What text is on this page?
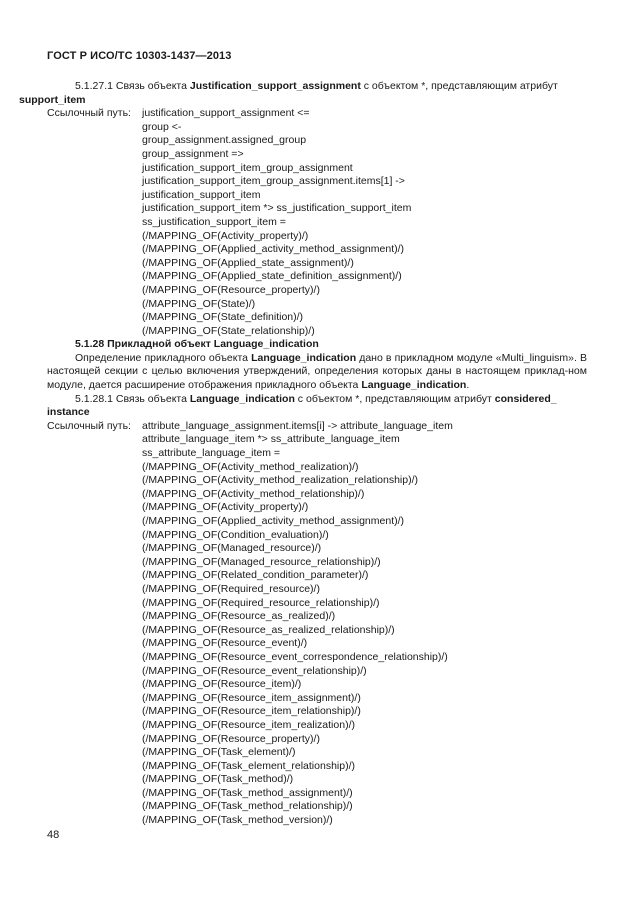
ГОСТ Р ИСО/ТС 10303-1437—2013

5.1.27.1 Связь объекта Justification_support_assignment с объектом *, представляющим атрибут
support_item

Ссылочный путь: justification_support_assignment <=
group <-
group_assignment.assigned_group
group_assignment =>
justification_support_item_group_assignment
justification_support_item_group_assignment.items[1] ->
justification_support_item
justification_support_item *> ss_justification_support_item
ss_justification_support_item =
(/MAPPING_OF(Activity_property)/)
(/MAPPING_OF(Applied_activity_method_assignment)/)
(/MAPPING_OF(Applied_state_assignment)/)
(/MAPPING_OF(Applied_state_definition_assignment)/)
(/MAPPING_OF(Resource_property)/)
(/MAPPING_OF(State)/)
(/MAPPING_OF(State_definition)/)
(/MAPPING_OF(State_relationship)/)

5.1.28 Прикладной объект Language_indication

Определение прикладного объекта Language_indication дано в прикладном модуле «Multi_linguism». В настоящей секции с целью включения утверждений, определения которых даны в настоящем приклад-ном модуле, дается расширение отображения прикладного объекта Language_indication.

5.1.28.1 Связь объекта Language_indication с объектом *, представляющим атрибут considered_ instance

Ссылочный путь: attribute_language_assignment.items[i] -> attribute_language_item
attribute_language_item *> ss_attribute_language_item
ss_attribute_language_item =
(/MAPPING_OF(Activity_method_realization)/)
(/MAPPING_OF(Activity_method_realization_relationship)/)
(/MAPPING_OF(Activity_method_relationship)/)
(/MAPPING_OF(Activity_property)/)
(/MAPPING_OF(Applied_activity_method_assignment)/)
(/MAPPING_OF(Condition_evaluation)/)
(/MAPPING_OF(Managed_resource)/)
(/MAPPING_OF(Managed_resource_relationship)/)
(/MAPPING_OF(Related_condition_parameter)/)
(/MAPPING_OF(Required_resource)/)
(/MAPPING_OF(Required_resource_relationship)/)
(/MAPPING_OF(Resource_as_realized)/)
(/MAPPING_OF(Resource_as_realized_relationship)/)
(/MAPPING_OF(Resource_event)/)
(/MAPPING_OF(Resource_event_correspondence_relationship)/)
(/MAPPING_OF(Resource_event_relationship)/)
(/MAPPING_OF(Resource_item)/)
(/MAPPING_OF(Resource_item_assignment)/)
(/MAPPING_OF(Resource_item_relationship)/)
(/MAPPING_OF(Resource_item_realization)/)
(/MAPPING_OF(Resource_property)/)
(/MAPPING_OF(Task_element)/)
(/MAPPING_OF(Task_element_relationship)/)
(/MAPPING_OF(Task_method)/)
(/MAPPING_OF(Task_method_assignment)/)
(/MAPPING_OF(Task_method_relationship)/)
(/MAPPING_OF(Task_method_version)/)
48
